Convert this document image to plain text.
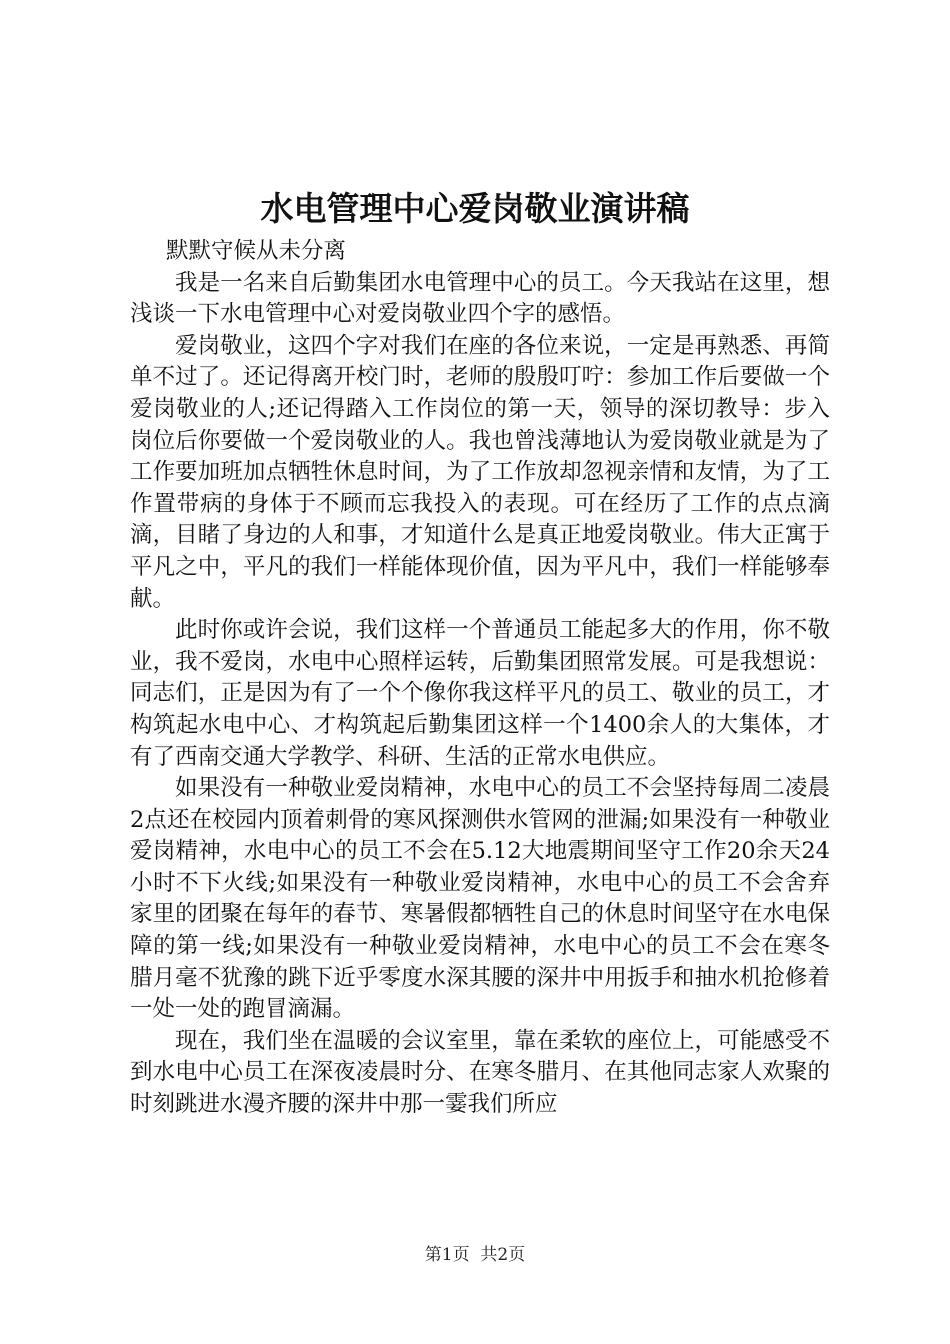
水电管理中心爱岗敬业演讲稿

默默守候从未分离

我是一名来自后勤集团水电管理中心的员工。今天我站在这里，想浅谈一下水电管理中心对爱岗敬业四个字的感悟。

爱岗敬业，这四个字对我们在座的各位来说，一定是再熟悉、再简单不过了。还记得离开校门时，老师的殷殷叮咛：参加工作后要做一个爱岗敬业的人;还记得踏入工作岗位的第一天，领导的深切教导：步入岗位后你要做一个爱岗敬业的人。我也曾浅薄地认为爱岗敬业就是为了工作要加班加点牺牲休息时间，为了工作放却忽视亲情和友情，为了工作置带病的身体于不顾而忘我投入的表现。可在经历了工作的点点滴滴，目睹了身边的人和事，才知道什么是真正地爱岗敬业。伟大正寓于平凡之中，平凡的我们一样能体现价值，因为平凡中，我们一样能够奉献。

此时你或许会说，我们这样一个普通员工能起多大的作用，你不敬业，我不爱岗，水电中心照样运转，后勤集团照常发展。可是我想说：同志们，正是因为有了一个个像你我这样平凡的员工、敬业的员工，才构筑起水电中心、才构筑起后勤集团这样一个1400余人的大集体，才有了西南交通大学教学、科研、生活的正常水电供应。

如果没有一种敬业爱岗精神，水电中心的员工不会坚持每周二凌晨2点还在校园内顶着刺骨的寒风探测供水管网的泄漏;如果没有一种敬业爱岗精神，水电中心的员工不会在5.12大地震期间坚守工作20余天24小时不下火线;如果没有一种敬业爱岗精神，水电中心的员工不会舍弃家里的团聚在每年的春节、寒暑假都牺牲自己的休息时间坚守在水电保障的第一线;如果没有一种敬业爱岗精神，水电中心的员工不会在寒冬腊月毫不犹豫的跳下近乎零度水深其腰的深井中用扳手和抽水机抢修着一处一处的跑冒滴漏。

现在，我们坐在温暖的会议室里，靠在柔软的座位上，可能感受不到水电中心员工在深夜凌晨时分、在寒冬腊月、在其他同志家人欢聚的时刻跳进水漫齐腰的深井中那一霎我们所应

第1页 共2页
